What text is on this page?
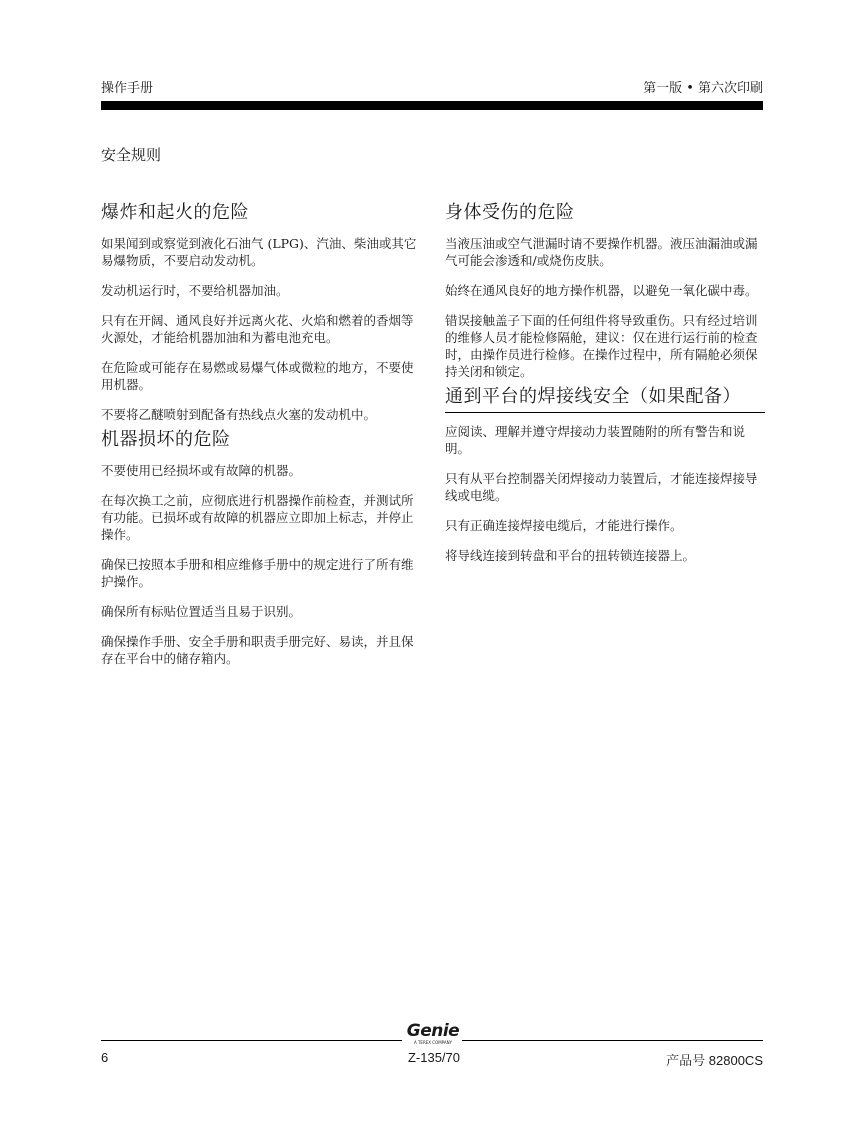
操作手册	第一版 • 第六次印刷
安全规则
爆炸和起火的危险

如果闻到或察觉到液化石油气 (LPG)、汽油、柴油或其它易爆物质，不要启动发动机。

发动机运行时，不要给机器加油。

只有在开阔、通风良好并远离火花、火焰和燃着的香烟等火源处，才能给机器加油和为蓄电池充电。

在危险或可能存在易燃或易爆气体或微粒的地方，不要使用机器。

不要将乙醚喷射到配备有热线点火塞的发动机中。

机器损坏的危险

不要使用已经损坏或有故障的机器。

在每次换工之前，应彻底进行机器操作前检查，并测试所有功能。已损坏或有故障的机器应立即加上标志，并停止操作。

确保已按照本手册和相应维修手册中的规定进行了所有维护操作。

确保所有标贴位置适当且易于识别。

确保操作手册、安全手册和职责手册完好、易读，并且保存在平台中的储存箱内。

身体受伤的危险

当液压油或空气泄漏时请不要操作机器。液压油漏油或漏气可能会渗透和/或烧伤皮肤。

始终在通风良好的地方操作机器，以避免一氧化碳中毒。

错误接触盖子下面的任何组件将导致重伤。只有经过培训的维修人员才能检修隔舱，建议：仅在进行运行前的检查时，由操作员进行检修。在操作过程中，所有隔舱必须保持关闭和锁定。

通到平台的焊接线安全（如果配备）

应阅读、理解并遵守焊接动力装置随附的所有警告和说明。

只有从平台控制器关闭焊接动力装置后，才能连接焊接导线或电缆。

只有正确连接焊接电缆后，才能进行操作。

将导线连接到转盘和平台的扭转锁连接器上。

Genie
A TEREX COMPANY
6	Z-135/70	产品号 82800CS
